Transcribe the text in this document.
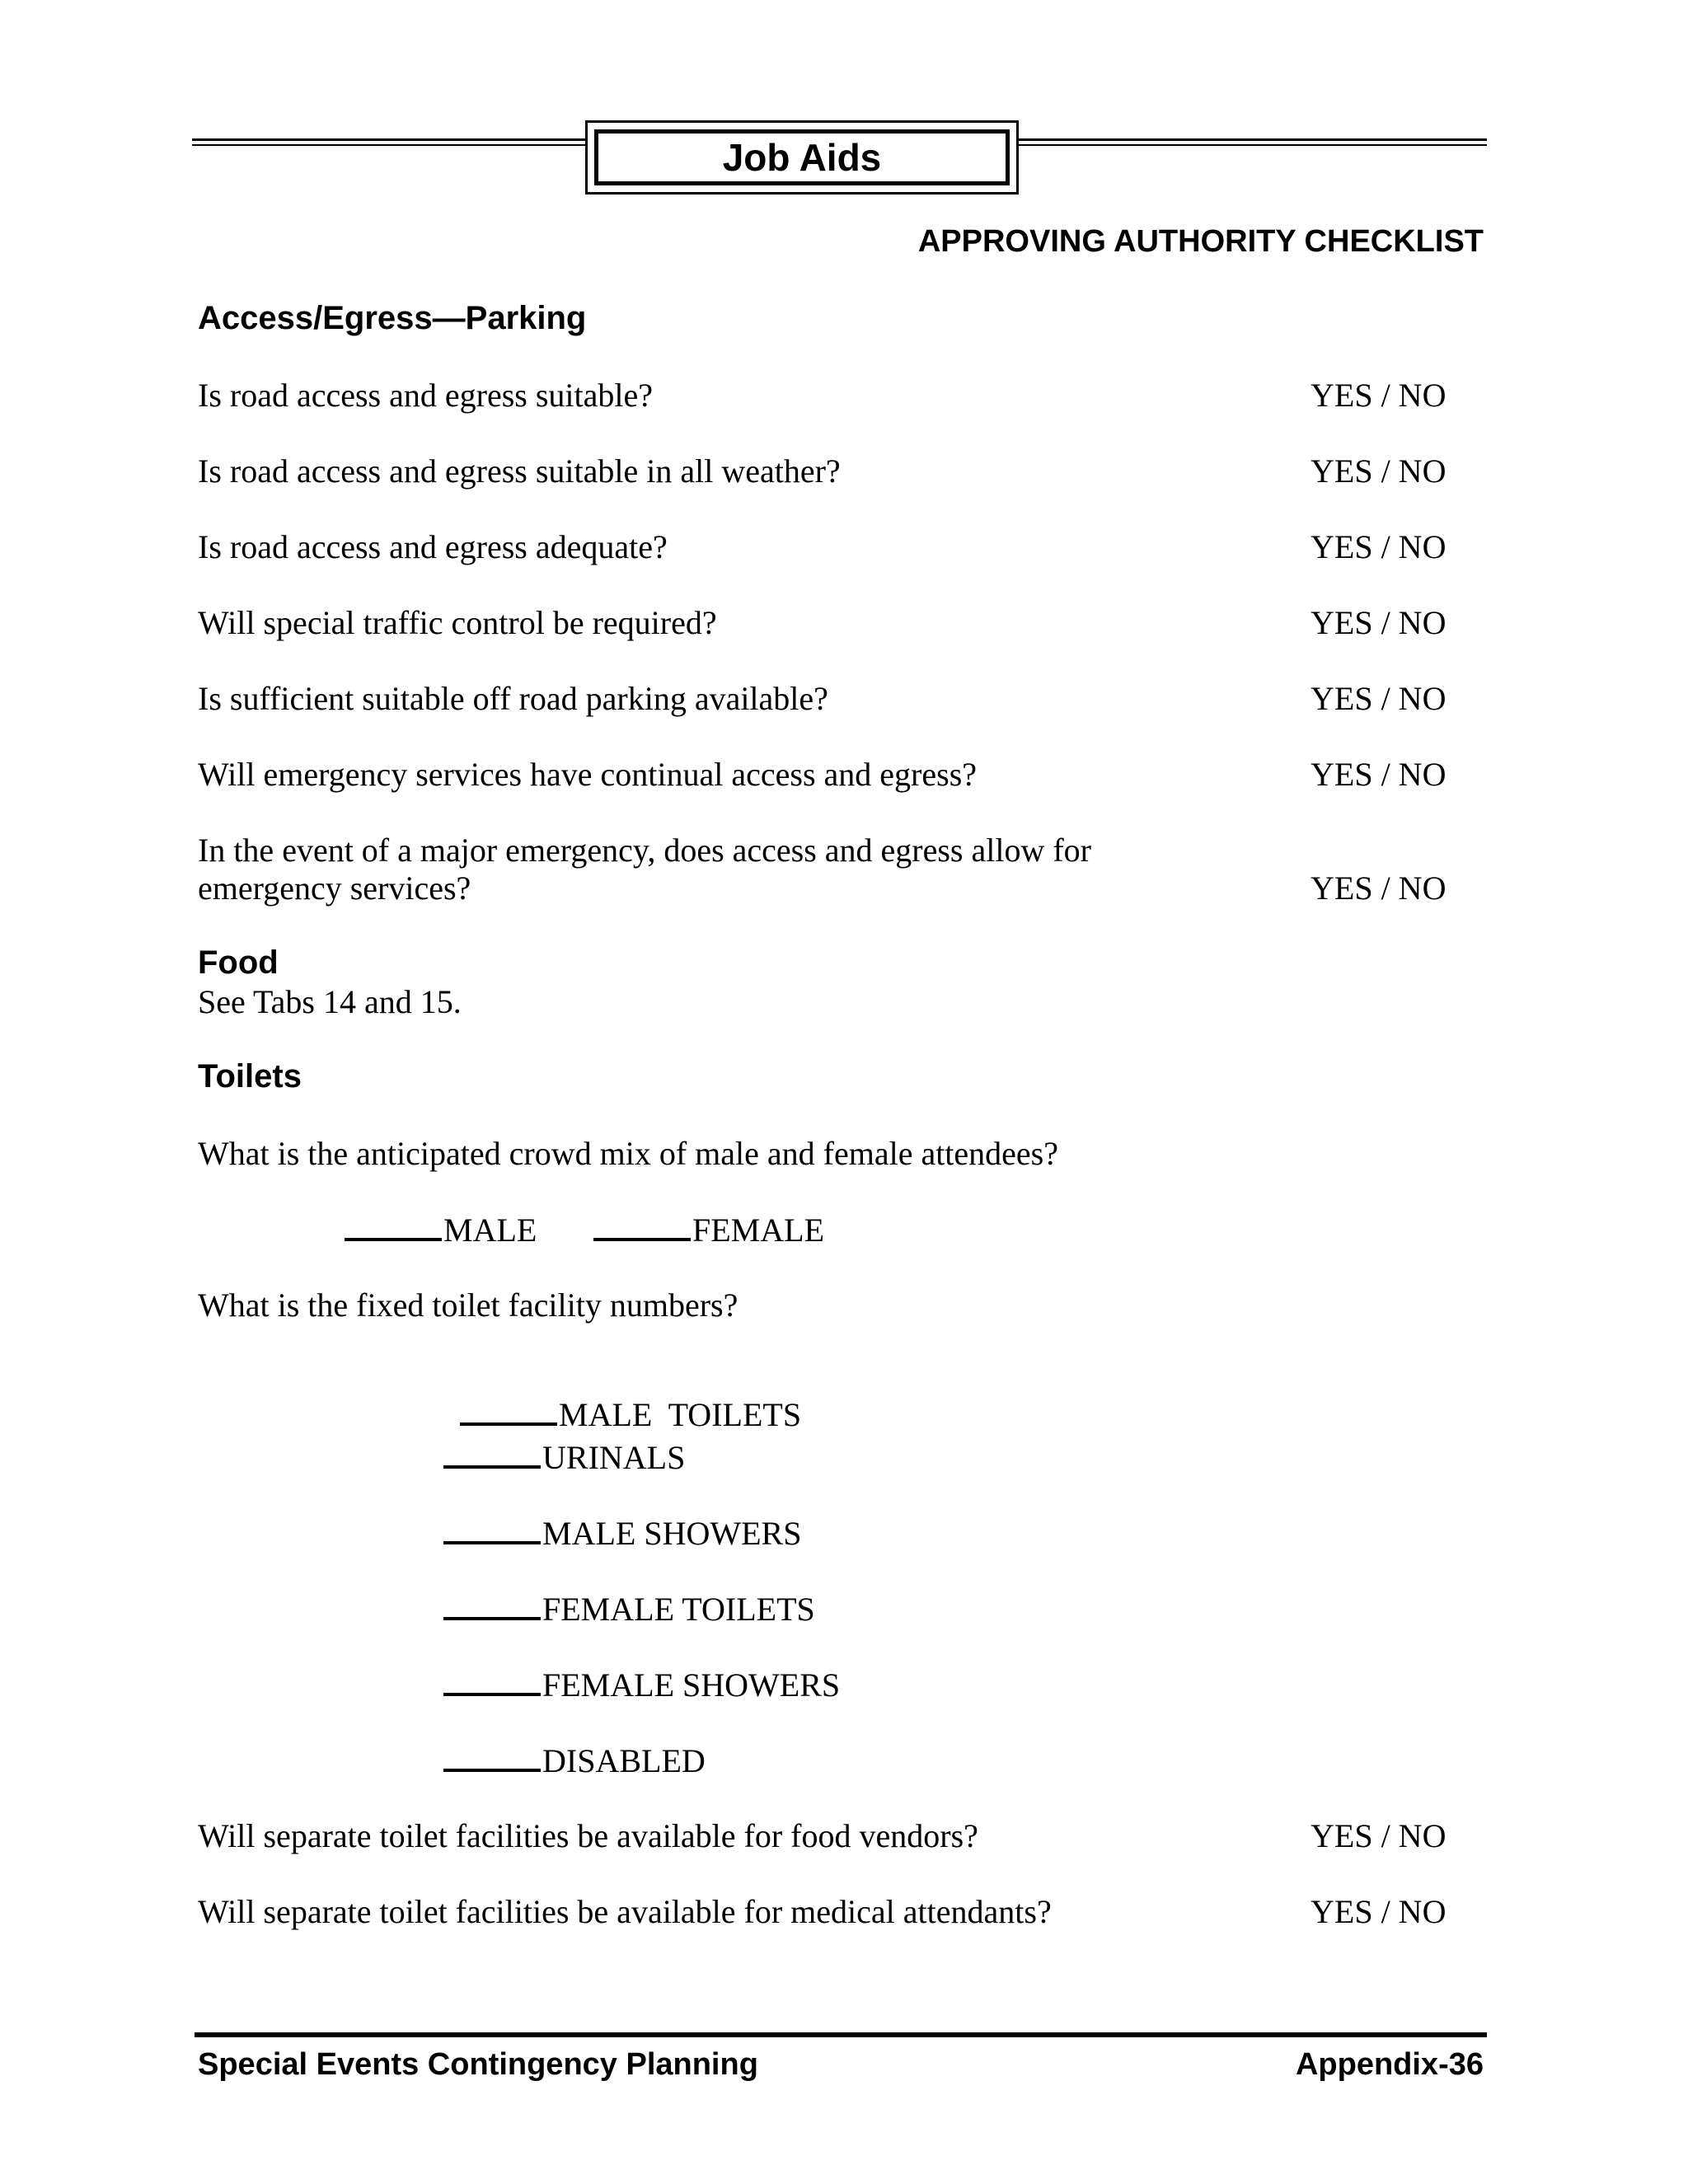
Job Aids
APPROVING AUTHORITY CHECKLIST
Access/Egress—Parking
Is road access and egress suitable?	YES / NO
Is road access and egress suitable in all weather?	YES / NO
Is road access and egress adequate?	YES / NO
Will special traffic control be required?	YES / NO
Is sufficient suitable off road parking available?	YES / NO
Will emergency services have continual access and egress?	YES / NO
In the event of a major emergency, does access and egress allow for
emergency services?	YES / NO
Food
See Tabs 14 and 15.
Toilets
What is the anticipated crowd mix of male and female attendees?
MALE	FEMALE
What is the fixed toilet facility numbers?

MALE  TOILETS

URINALS
MALE SHOWERS
FEMALE TOILETS
FEMALE SHOWERS
DISABLED
Will separate toilet facilities be available for food vendors?	YES / NO
Will separate toilet facilities be available for medical attendants?	YES / NO
Special Events Contingency Planning	Appendix-36
